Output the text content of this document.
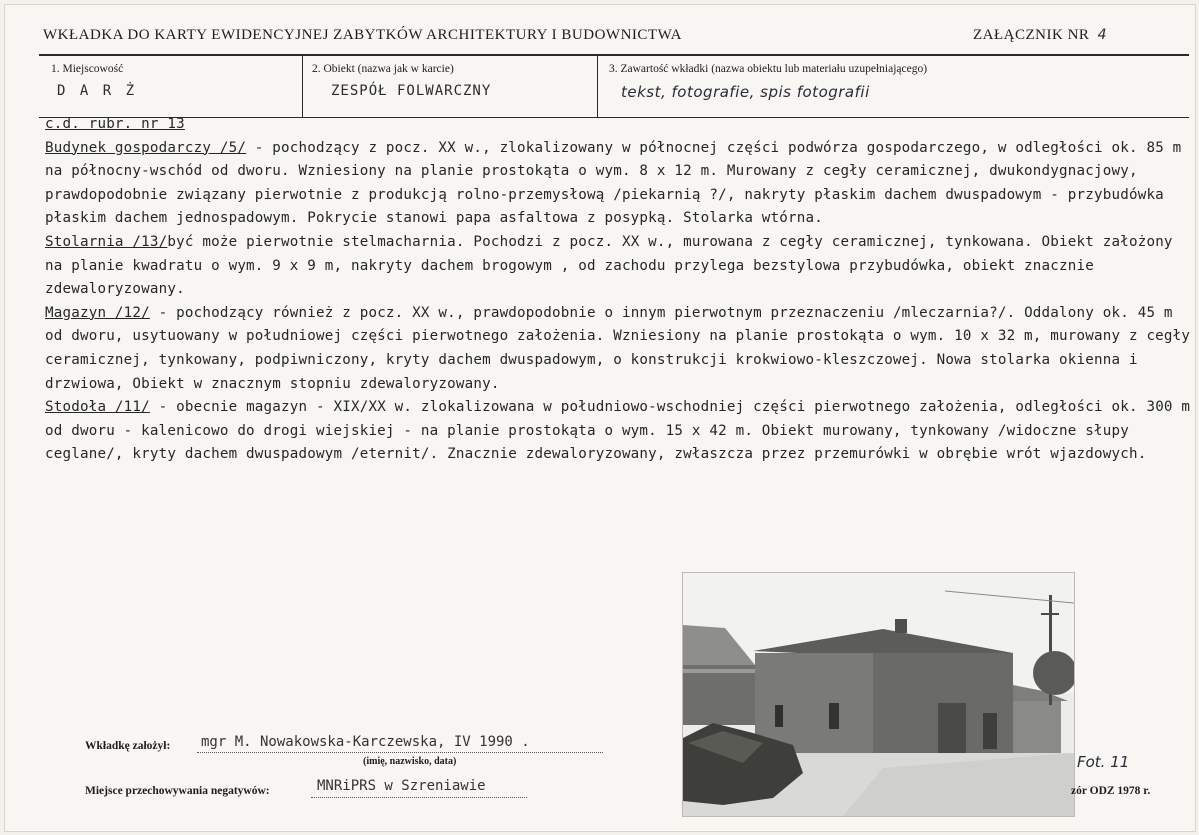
WKŁADKA DO KARTY EWIDENCYJNEJ ZABYTKÓW ARCHITEKTURY I BUDOWNICTWA	ZAŁĄCZNIK NR 4
1. Miejscowość
D A R Ż
2. Obiekt (nazwa jak w karcie)
ZESPÓŁ FOLWARCZNY
3. Zawartość wkładki (nazwa obiektu lub materiału uzupełniającego)
tekst, fotografie, spis fotografii

c.d. rubr. nr 13

Budynek gospodarczy /5/ - pochodzący z pocz. XX w., zlokalizowany w północnej części podwórza gospodarczego, w odległości ok. 85 m na północny-wschód od dworu. Wzniesiony na planie prostokąta o wym. 8 x 12 m. Murowany z cegły ceramicznej, dwukondygnacjowy, prawdopodobnie związany pierwotnie z produkcją rolno-przemysłową /piekarnią ?/, nakryty płaskim dachem dwuspadowym - przybudówka płaskim dachem jednospadowym. Pokrycie stanowi papa asfaltowa z posypką. Stolarka wtórna.

Stolarnia /13/być może pierwotnie stelmacharnia. Pochodzi z pocz. XX w., murowana z cegły ceramicznej, tynkowana. Obiekt założony na planie kwadratu o wym. 9 x 9 m, nakryty dachem brogowym , od zachodu przylega bezstylowa przybudówka, obiekt znacznie zdewaloryzowany.

Magazyn /12/ - pochodzący również z pocz. XX w., prawdopodobnie o innym pierwotnym przeznaczeniu /mleczarnia?/. Oddalony ok. 45 m od dworu, usytuowany w południowej części pierwotnego założenia. Wzniesiony na planie prostokąta o wym. 10 x 32 m, murowany z cegły ceramicznej, tynkowany, podpiwniczony, kryty dachem dwuspadowym, o konstrukcji krokwiowo-kleszczowej. Nowa stolarka okienna i drzwiowa, Obiekt w znacznym stopniu zdewaloryzowany.

Stodoła /11/ - obecnie magazyn - XIX/XX w. zlokalizowana w południowo-wschodniej części pierwotnego założenia, odległości ok. 300 m od dworu - kalenicowo do drogi wiejskiej - na planie prostokąta o wym. 15 x 42 m. Obiekt murowany, tynkowany /widoczne słupy ceglane/, kryty dachem dwuspadowym /eternit/. Znacznie zdewaloryzowany, zwłaszcza przez przemurówki w obrębie wrót wjazdowych.

Wkładkę założył: mgr M. Nowakowska-Karczewska, IV 1990 .
(imię, nazwisko, data)
Miejsce przechowywania negatywów:	MNRiPRS w Szreniawie
Fot. 11
zór ODZ 1978 r.
